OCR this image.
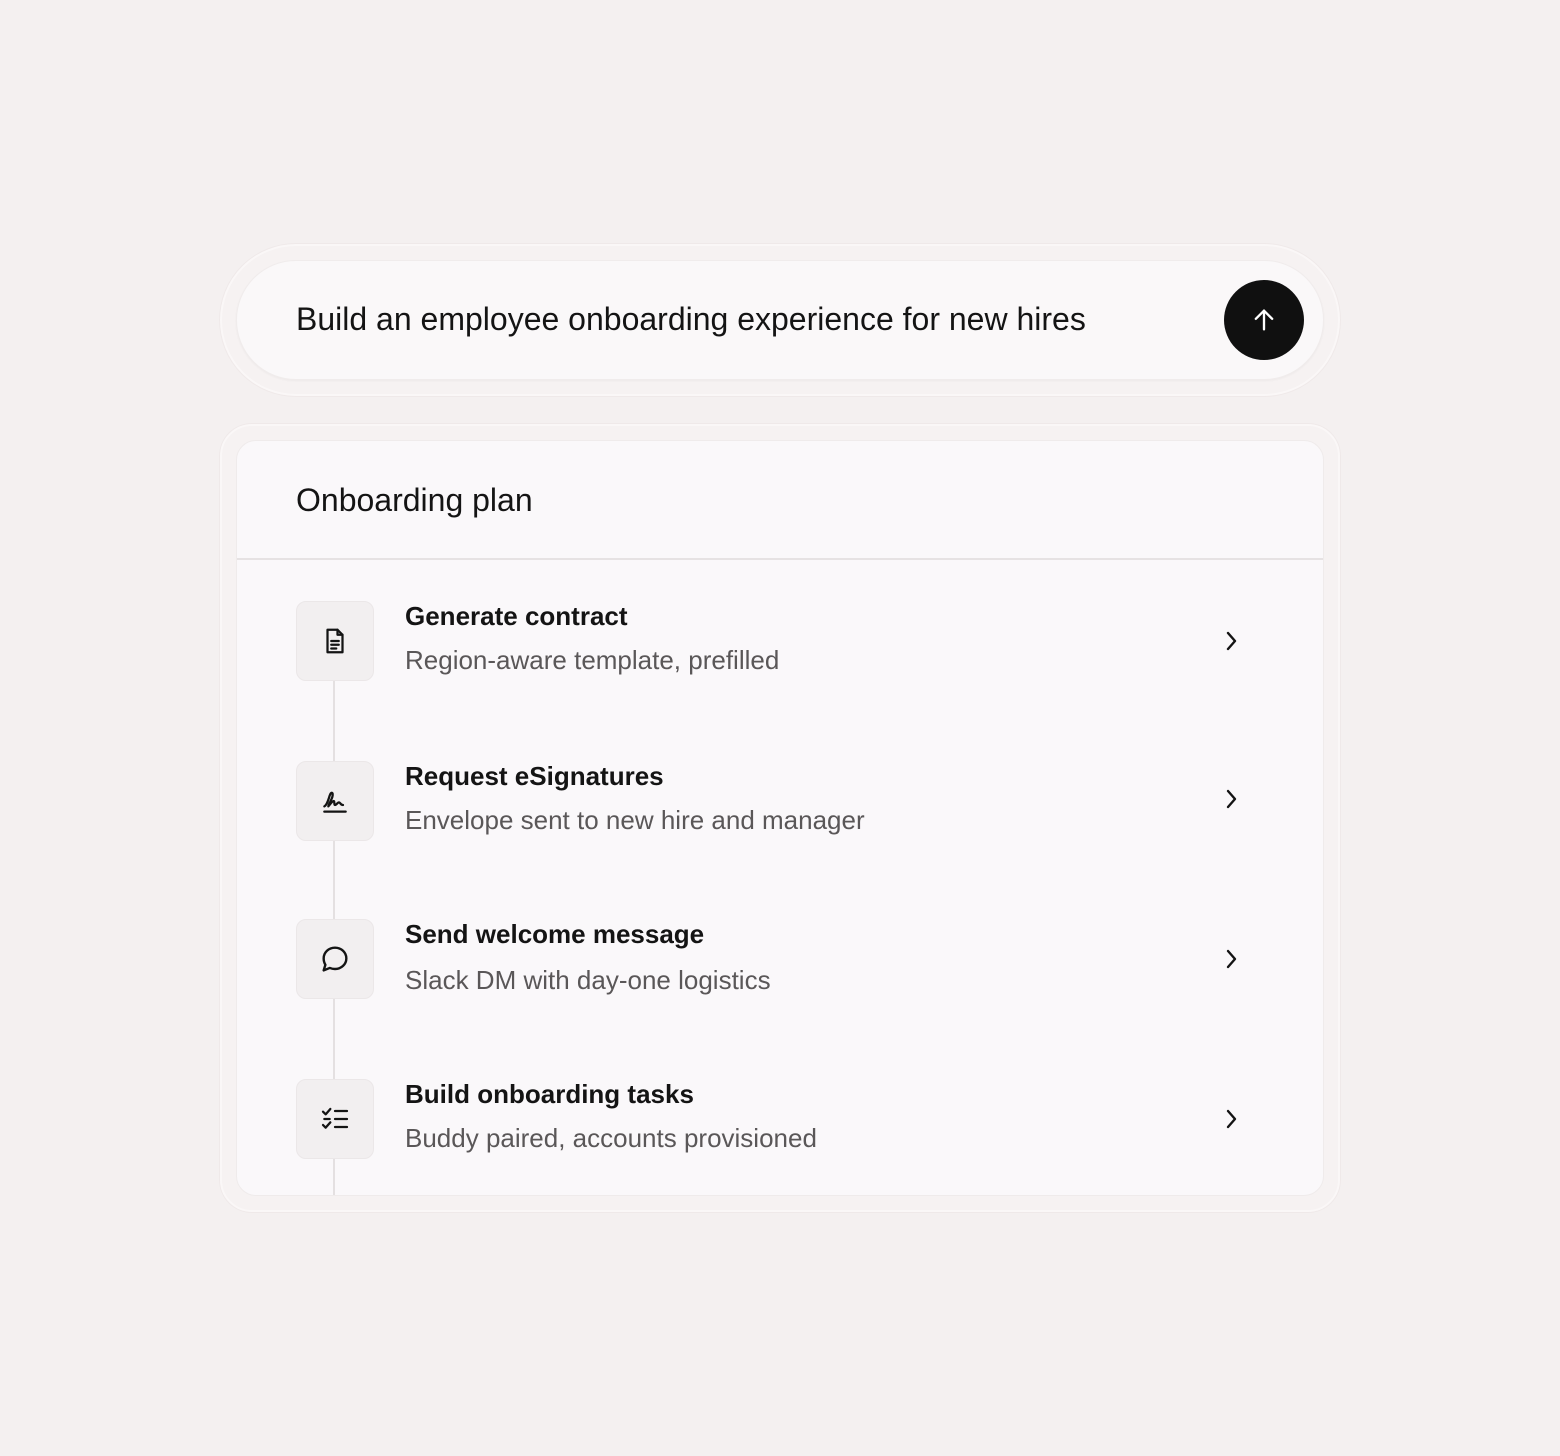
Build an employee onboarding experience for new hires
Onboarding plan
Generate contract
Region-aware template, prefilled
Request eSignatures
Envelope sent to new hire and manager
Send welcome message
Slack DM with day-one logistics
Build onboarding tasks
Buddy paired, accounts provisioned
